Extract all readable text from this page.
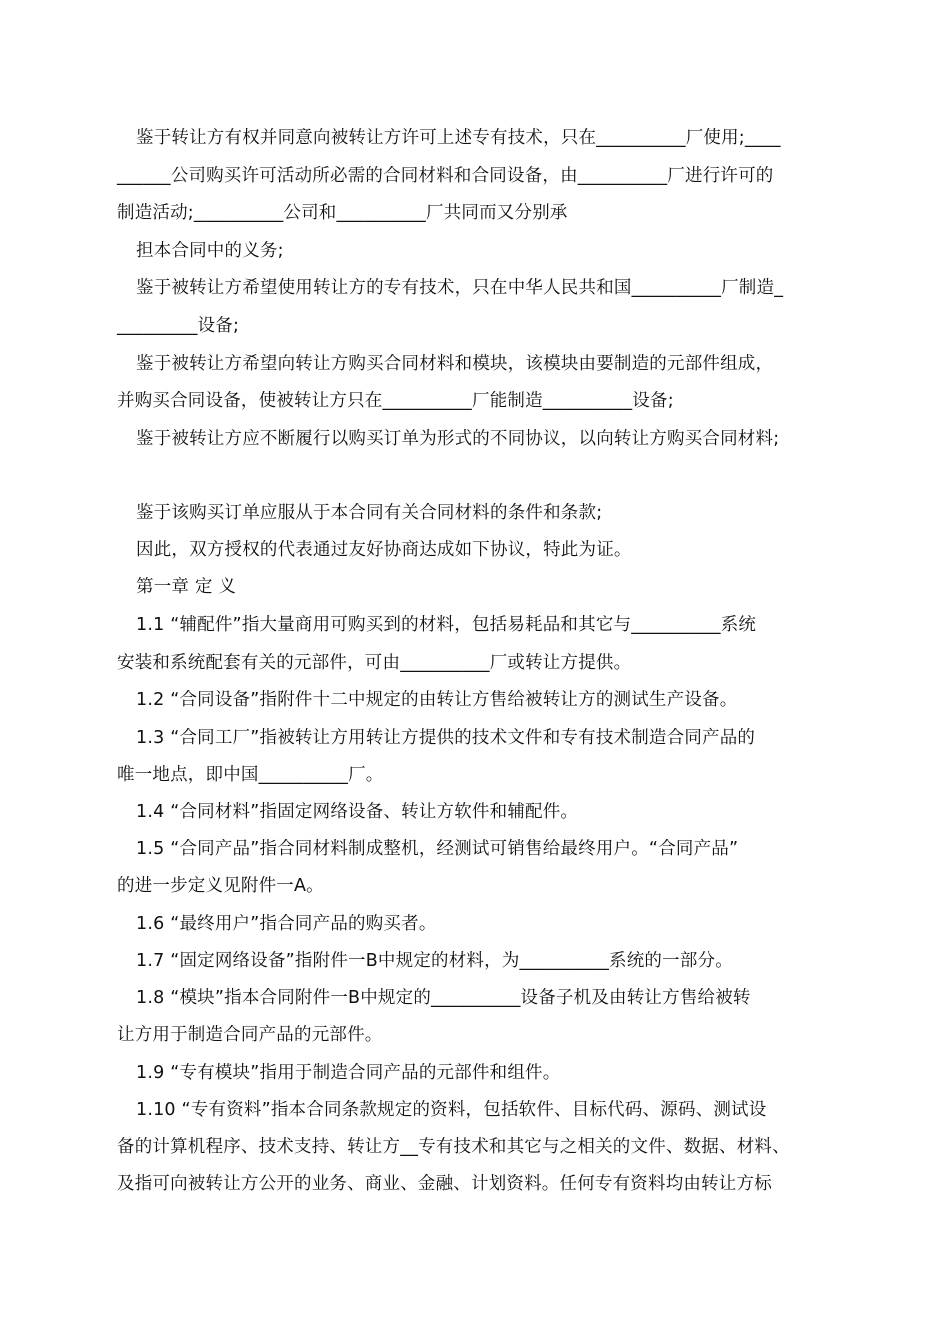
鉴于转让方有权并同意向被转让方许可上述专有技术，只在__________厂使用;____
______公司购买许可活动所必需的合同材料和合同设备，由__________厂进行许可的
制造活动;__________公司和__________厂共同而又分别承
担本合同中的义务;
鉴于被转让方希望使用转让方的专有技术，只在中华人民共和国__________厂制造_
_________设备;
鉴于被转让方希望向转让方购买合同材料和模块，该模块由要制造的元部件组成，
并购买合同设备，使被转让方只在__________厂能制造__________设备;
鉴于被转让方应不断履行以购买订单为形式的不同协议，以向转让方购买合同材料;
鉴于该购买订单应服从于本合同有关合同材料的条件和条款;
因此，双方授权的代表通过友好协商达成如下协议，特此为证。
第一章 定 义
1.1 “辅配件”指大量商用可购买到的材料，包括易耗品和其它与__________系统
安装和系统配套有关的元部件，可由__________厂或转让方提供。
1.2 “合同设备”指附件十二中规定的由转让方售给被转让方的测试生产设备。
1.3 “合同工厂”指被转让方用转让方提供的技术文件和专有技术制造合同产品的
唯一地点，即中国__________厂。
1.4 “合同材料”指固定网络设备、转让方软件和辅配件。
1.5 “合同产品”指合同材料制成整机，经测试可销售给最终用户。“合同产品”
的进一步定义见附件一A。
1.6 “最终用户”指合同产品的购买者。
1.7 “固定网络设备”指附件一B中规定的材料，为__________系统的一部分。
1.8 “模块”指本合同附件一B中规定的__________设备子机及由转让方售给被转
让方用于制造合同产品的元部件。
1.9 “专有模块”指用于制造合同产品的元部件和组件。
1.10 “专有资料”指本合同条款规定的资料，包括软件、目标代码、源码、测试设
备的计算机程序、技术支持、转让方__专有技术和其它与之相关的文件、数据、材料、
及指可向被转让方公开的业务、商业、金融、计划资料。任何专有资料均由转让方标
